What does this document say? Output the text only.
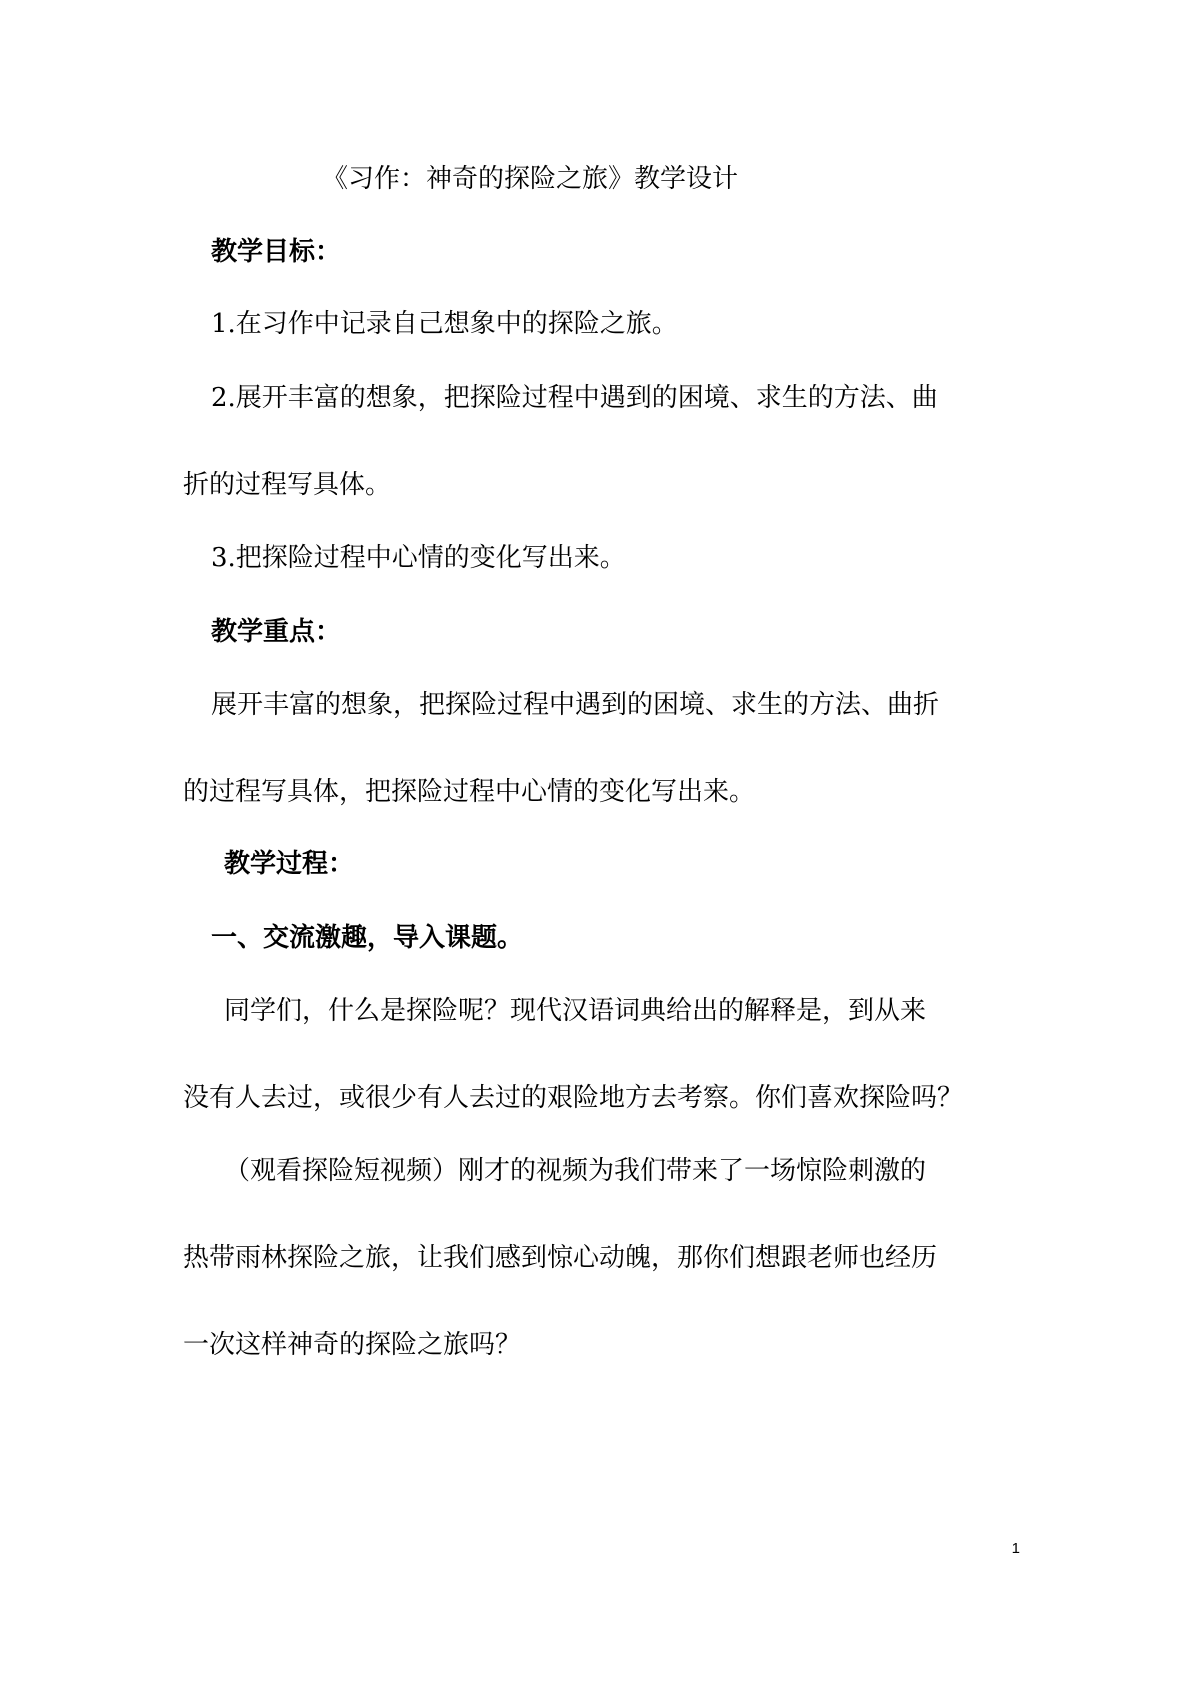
《习作：神奇的探险之旅》教学设计
教学目标：
1.在习作中记录自己想象中的探险之旅。
2.展开丰富的想象，把探险过程中遇到的困境、求生的方法、曲
折的过程写具体。
3.把探险过程中心情的变化写出来。
教学重点：
展开丰富的想象，把探险过程中遇到的困境、求生的方法、曲折
的过程写具体，把探险过程中心情的变化写出来。
教学过程：
一、交流激趣，导入课题。
同学们，什么是探险呢？现代汉语词典给出的解释是，到从来
没有人去过，或很少有人去过的艰险地方去考察。你们喜欢探险吗？
（观看探险短视频）刚才的视频为我们带来了一场惊险刺激的
热带雨林探险之旅，让我们感到惊心动魄，那你们想跟老师也经历
一次这样神奇的探险之旅吗？
1
